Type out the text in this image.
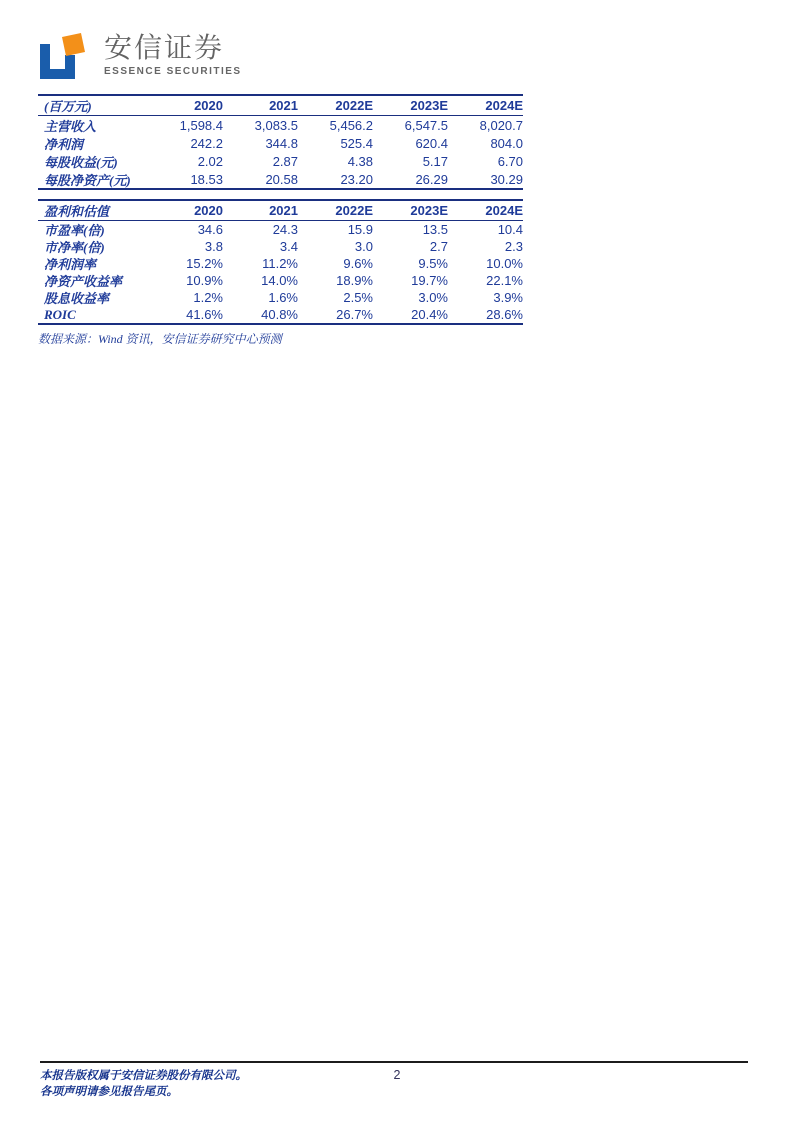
安信证券
ESSENCE SECURITIES
(百万元)	2020	2021	2022E	2023E	2024E
主营收入	1,598.4	3,083.5	5,456.2	6,547.5	8,020.7
净利润	242.2	344.8	525.4	620.4	804.0
每股收益(元)	2.02	2.87	4.38	5.17	6.70
每股净资产(元)	18.53	20.58	23.20	26.29	30.29
盈利和估值	2020	2021	2022E	2023E	2024E
市盈率(倍)	34.6	24.3	15.9	13.5	10.4
市净率(倍)	3.8	3.4	3.0	2.7	2.3
净利润率	15.2%	11.2%	9.6%	9.5%	10.0%
净资产收益率	10.9%	14.0%	18.9%	19.7%	22.1%
股息收益率	1.2%	1.6%	2.5%	3.0%	3.9%
ROIC	41.6%	40.8%	26.7%	20.4%	28.6%
数据来源：Wind 资讯，安信证券研究中心预测
本报告版权属于安信证券股份有限公司。
各项声明请参见报告尾页。
2
